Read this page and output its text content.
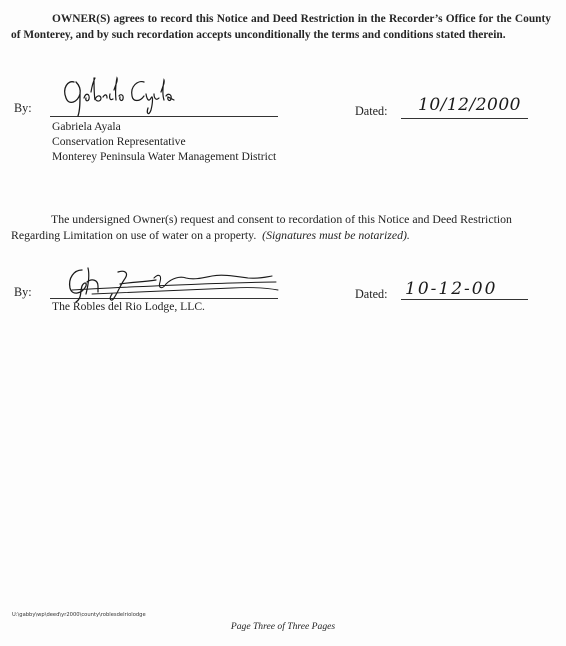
OWNER(S) agrees to record this Notice and Deed Restriction in the Recorder’s Office for the County of Monterey, and by such recordation accepts unconditionally the terms and conditions stated therein.

By:	Dated: 10/12/2000
Gabriela Ayala
Conservation Representative
Monterey Peninsula Water Management District

The undersigned Owner(s) request and consent to recordation of this Notice and Deed Restriction Regarding Limitation on use of water on a property. (Signatures must be notarized).

By:	Dated: 10-12-00
The Robles del Rio Lodge, LLC.
U:\gabby\wp\deed\yr2000\county\roblesdelriolodge
Page Three of Three Pages
